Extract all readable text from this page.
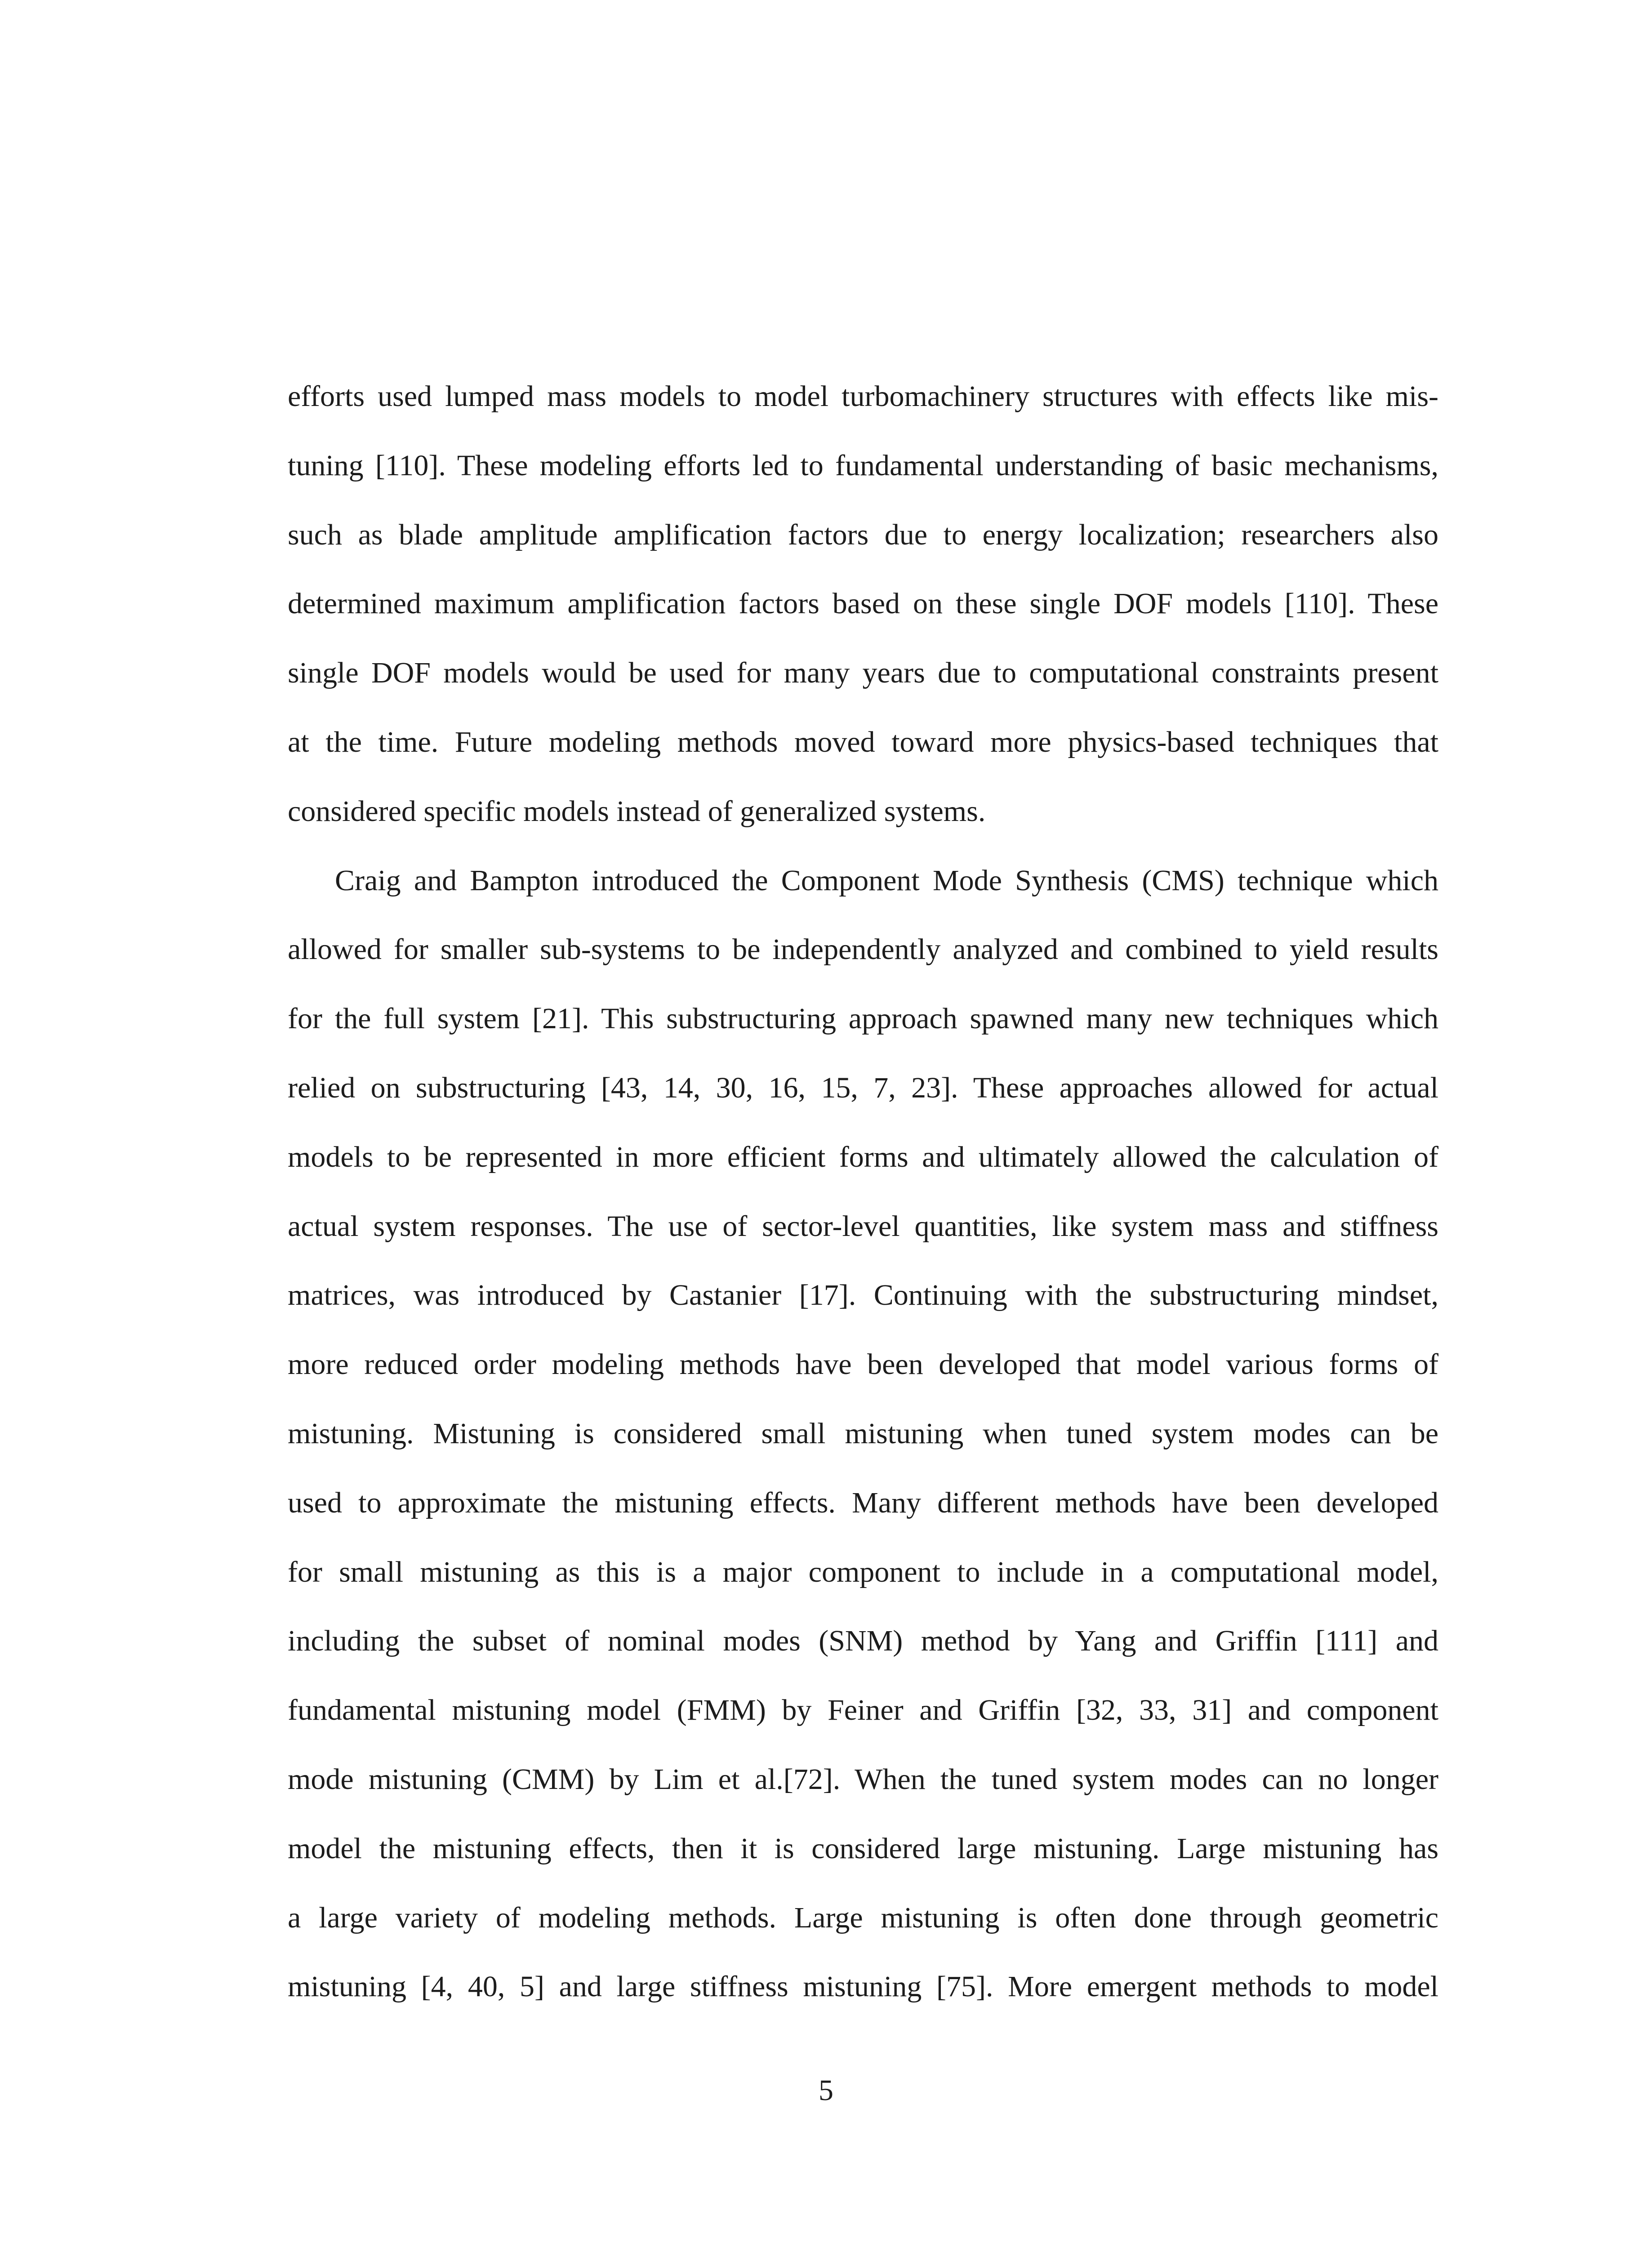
efforts used lumped mass models to model turbomachinery structures with effects like mis-
tuning [110]. These modeling efforts led to fundamental understanding of basic mechanisms,
such as blade amplitude amplification factors due to energy localization; researchers also
determined maximum amplification factors based on these single DOF models [110]. These
single DOF models would be used for many years due to computational constraints present
at the time. Future modeling methods moved toward more physics-based techniques that
considered specific models instead of generalized systems.
Craig and Bampton introduced the Component Mode Synthesis (CMS) technique which
allowed for smaller sub-systems to be independently analyzed and combined to yield results
for the full system [21]. This substructuring approach spawned many new techniques which
relied on substructuring [43, 14, 30, 16, 15, 7, 23]. These approaches allowed for actual
models to be represented in more efficient forms and ultimately allowed the calculation of
actual system responses. The use of sector-level quantities, like system mass and stiffness
matrices, was introduced by Castanier [17]. Continuing with the substructuring mindset,
more reduced order modeling methods have been developed that model various forms of
mistuning. Mistuning is considered small mistuning when tuned system modes can be
used to approximate the mistuning effects. Many different methods have been developed
for small mistuning as this is a major component to include in a computational model,
including the subset of nominal modes (SNM) method by Yang and Griffin [111] and
fundamental mistuning model (FMM) by Feiner and Griffin [32, 33, 31] and component
mode mistuning (CMM) by Lim et al.[72]. When the tuned system modes can no longer
model the mistuning effects, then it is considered large mistuning. Large mistuning has
a large variety of modeling methods. Large mistuning is often done through geometric
mistuning [4, 40, 5] and large stiffness mistuning [75]. More emergent methods to model
5
